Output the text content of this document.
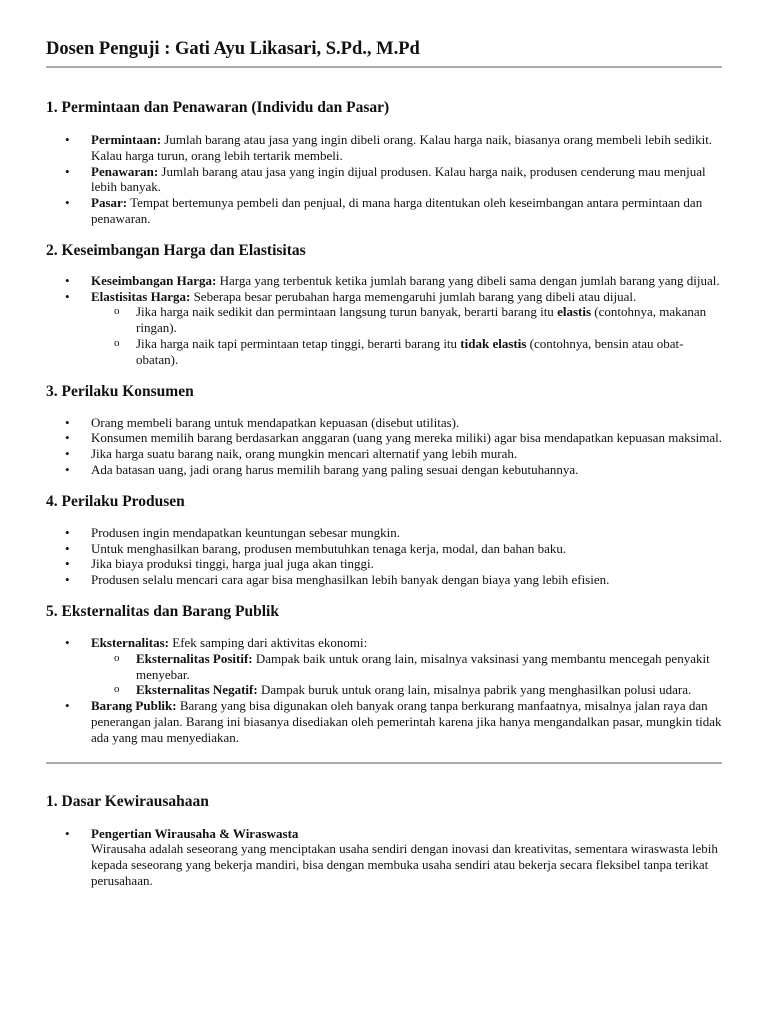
Dosen Penguji : Gati Ayu Likasari, S.Pd., M.Pd
1. Permintaan dan Penawaran (Individu dan Pasar)
• Permintaan: Jumlah barang atau jasa yang ingin dibeli orang. Kalau harga naik, biasanya orang membeli lebih sedikit. Kalau harga turun, orang lebih tertarik membeli.
• Penawaran: Jumlah barang atau jasa yang ingin dijual produsen. Kalau harga naik, produsen cenderung mau menjual lebih banyak.
• Pasar: Tempat bertemunya pembeli dan penjual, di mana harga ditentukan oleh keseimbangan antara permintaan dan penawaran.
2. Keseimbangan Harga dan Elastisitas
• Keseimbangan Harga: Harga yang terbentuk ketika jumlah barang yang dibeli sama dengan jumlah barang yang dijual.
• Elastisitas Harga: Seberapa besar perubahan harga memengaruhi jumlah barang yang dibeli atau dijual.
o Jika harga naik sedikit dan permintaan langsung turun banyak, berarti barang itu elastis (contohnya, makanan ringan).
o Jika harga naik tapi permintaan tetap tinggi, berarti barang itu tidak elastis (contohnya, bensin atau obat-obatan).
3. Perilaku Konsumen
• Orang membeli barang untuk mendapatkan kepuasan (disebut utilitas).
• Konsumen memilih barang berdasarkan anggaran (uang yang mereka miliki) agar bisa mendapatkan kepuasan maksimal.
• Jika harga suatu barang naik, orang mungkin mencari alternatif yang lebih murah.
• Ada batasan uang, jadi orang harus memilih barang yang paling sesuai dengan kebutuhannya.
4. Perilaku Produsen
• Produsen ingin mendapatkan keuntungan sebesar mungkin.
• Untuk menghasilkan barang, produsen membutuhkan tenaga kerja, modal, dan bahan baku.
• Jika biaya produksi tinggi, harga jual juga akan tinggi.
• Produsen selalu mencari cara agar bisa menghasilkan lebih banyak dengan biaya yang lebih efisien.
5. Eksternalitas dan Barang Publik
• Eksternalitas: Efek samping dari aktivitas ekonomi:
o Eksternalitas Positif: Dampak baik untuk orang lain, misalnya vaksinasi yang membantu mencegah penyakit menyebar.
o Eksternalitas Negatif: Dampak buruk untuk orang lain, misalnya pabrik yang menghasilkan polusi udara.
• Barang Publik: Barang yang bisa digunakan oleh banyak orang tanpa berkurang manfaatnya, misalnya jalan raya dan penerangan jalan. Barang ini biasanya disediakan oleh pemerintah karena jika hanya mengandalkan pasar, mungkin tidak ada yang mau menyediakan.
1. Dasar Kewirausahaan
• Pengertian Wirausaha & Wiraswasta
Wirausaha adalah seseorang yang menciptakan usaha sendiri dengan inovasi dan kreativitas, sementara wiraswasta lebih kepada seseorang yang bekerja mandiri, bisa dengan membuka usaha sendiri atau bekerja secara fleksibel tanpa terikat perusahaan.
